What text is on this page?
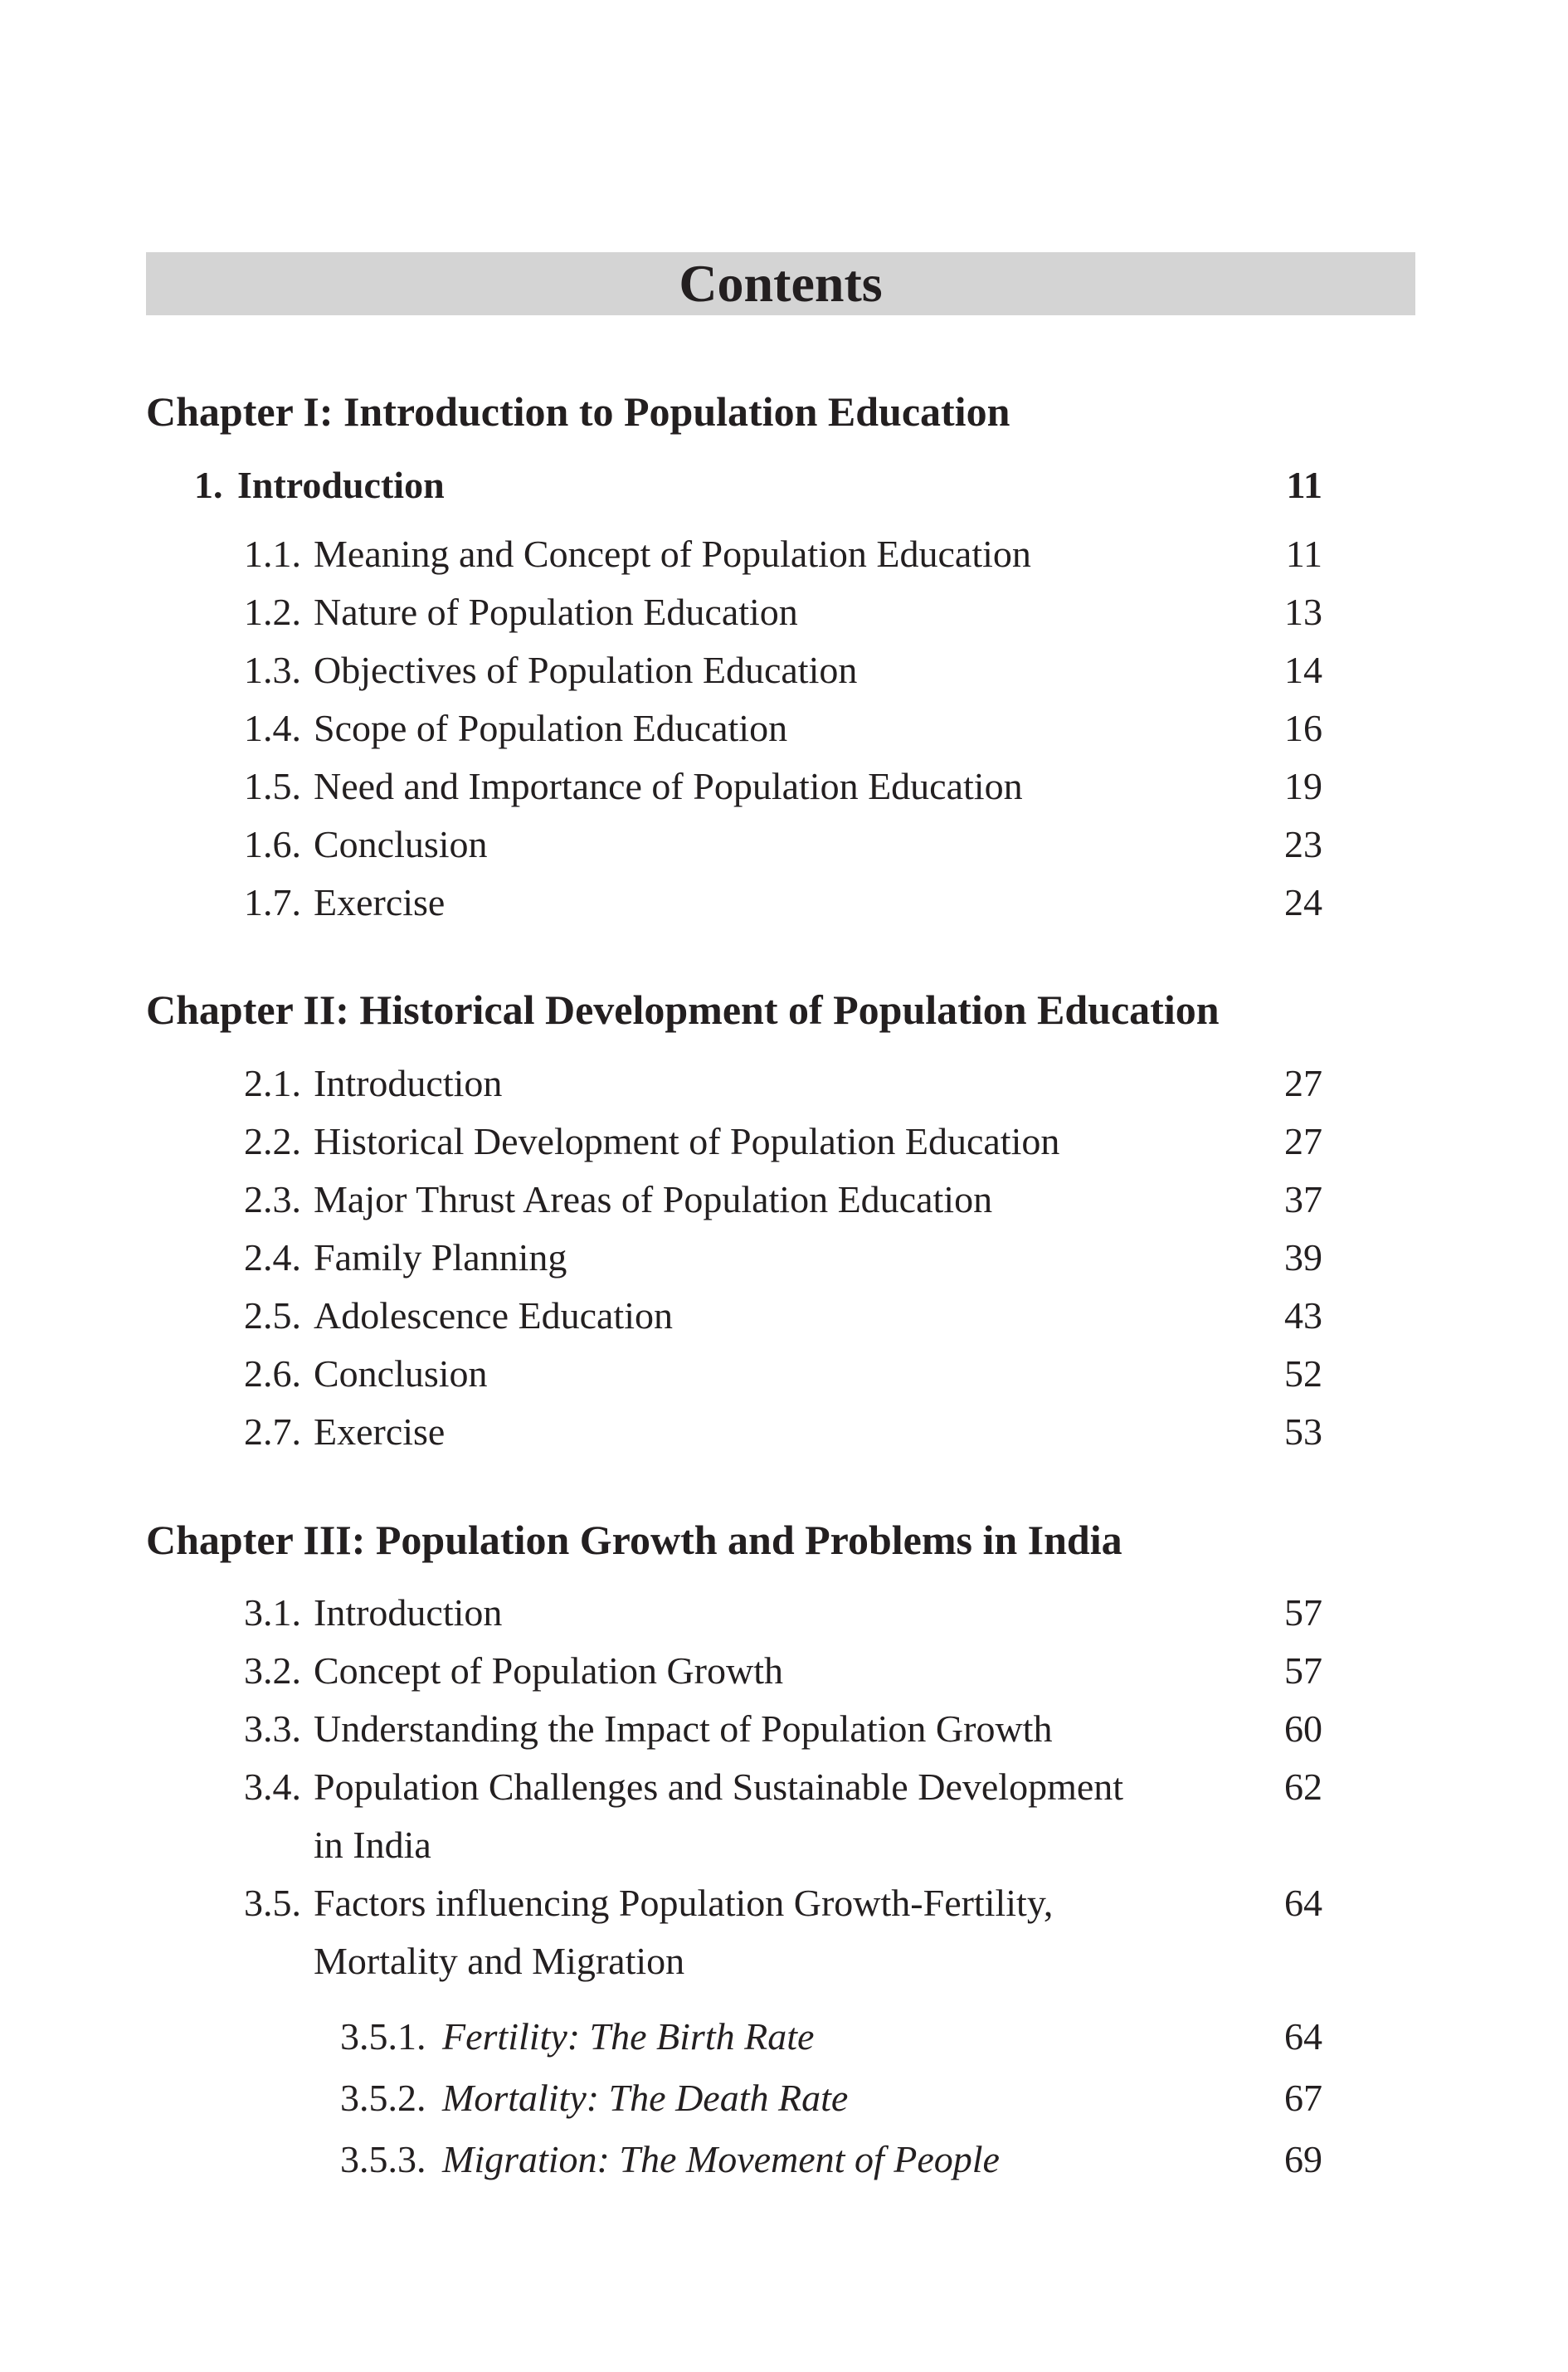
Contents
Chapter I: Introduction to Population Education
1. Introduction	11
1.1. Meaning and Concept of Population Education	11
1.2. Nature of Population Education	13
1.3. Objectives of Population Education	14
1.4. Scope of Population Education	16
1.5. Need and Importance of Population Education	19
1.6. Conclusion	23
1.7. Exercise	24
Chapter II: Historical Development of Population Education
2.1. Introduction	27
2.2. Historical Development of Population Education	27
2.3. Major Thrust Areas of Population Education	37
2.4. Family Planning	39
2.5. Adolescence Education	43
2.6. Conclusion	52
2.7. Exercise	53
Chapter III: Population Growth and Problems in India
3.1. Introduction	57
3.2. Concept of Population Growth	57
3.3. Understanding the Impact of Population Growth	60
3.4. Population Challenges and Sustainable Development	62
in India
3.5. Factors influencing Population Growth-Fertility,	64
Mortality and Migration
3.5.1. Fertility: The Birth Rate	64
3.5.2. Mortality: The Death Rate	67
3.5.3. Migration: The Movement of People	69
